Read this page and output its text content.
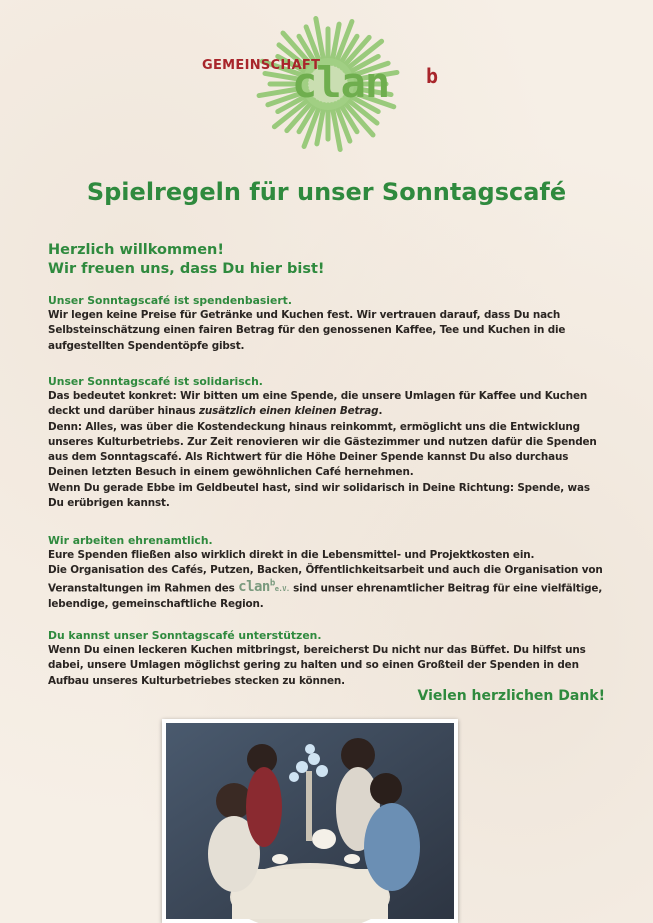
GEMEINSCHAFT
clan b
Spielregeln für unser Sonntagscafé
Herzlich willkommen!
Wir freuen uns, dass Du hier bist!
Unser Sonntagscafé ist spendenbasiert.

Wir legen keine Preise für Getränke und Kuchen fest. Wir vertrauen darauf, dass Du nach Selbsteinschätzung einen fairen Betrag für den genossenen Kaffee, Tee und Kuchen in die aufgestellten Spendentöpfe gibst.

Unser Sonntagscafé ist solidarisch.

Das bedeutet konkret: Wir bitten um eine Spende, die unsere Umlagen für Kaffee und Kuchen deckt und darüber hinaus zusätzlich einen kleinen Betrag.

Denn: Alles, was über die Kostendeckung hinaus reinkommt, ermöglicht uns die Entwicklung unseres Kulturbetriebs. Zur Zeit renovieren wir die Gästezimmer und nutzen dafür die Spenden aus dem Sonntagscafé. Als Richtwert für die Höhe Deiner Spende kannst Du also durchaus Deinen letzten Besuch in einem gewöhnlichen Café hernehmen.

Wenn Du gerade Ebbe im Geldbeutel hast, sind wir solidarisch in Deine Richtung: Spende, was Du erübrigen kannst.

Wir arbeiten ehrenamtlich.

Eure Spenden fließen also wirklich direkt in die Lebensmittel- und Projektkosten ein.

Die Organisation des Cafés, Putzen, Backen, Öffentlichkeitsarbeit und auch die Organisation von Veranstaltungen im Rahmen des clan$^b$e.V. sind unser ehrenamtlicher Beitrag für eine vielfältige, lebendige, gemeinschaftliche Region.

Du kannst unser Sonntagscafé unterstützen.

Wenn Du einen leckeren Kuchen mitbringst, bereicherst Du nicht nur das Büffet. Du hilfst uns dabei, unsere Umlagen möglichst gering zu halten und so einen Großteil der Spenden in den Aufbau unseres Kulturbetriebes stecken zu können.

Vielen herzlichen Dank!
